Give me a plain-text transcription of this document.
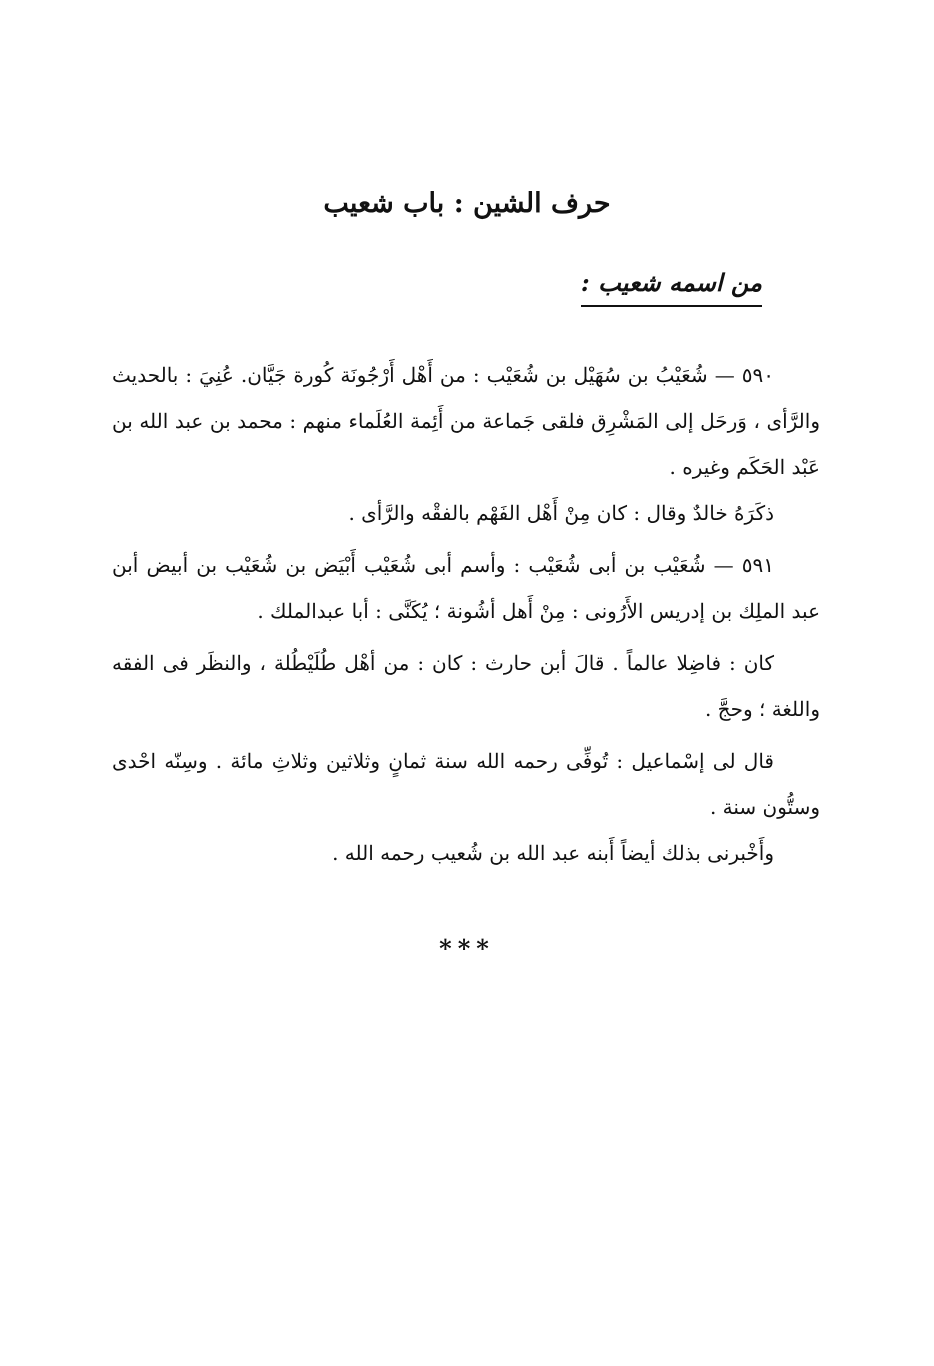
حرف الشين : باب شعيب
من اسمه شعيب :

٥٩٠ — شُعَيْبُ بن سُهَيْل بن شُعَيْب : من أَهْل أَرْجُونَة كُورة جَيَّان. عُنِيَ : بالحديث والرَّأى ، وَرحَل إلى المَشْرِق فلقى جَماعة من أَئِمة العُلَماء منهم : محمد بن عبد الله بن عَبْد الحَكَم وغيره .

ذكَرَهُ خالدٌ وقال : كان مِنْ أَهْل الفَهْم بالفقْه والرَّأى .

٥٩١ — شُعَيْب بن أبى شُعَيْب : وأسم أبى شُعَيْب أَبْيَض بن شُعَيْب بن أبيض أبن عبد الملِك بن إدريس الأَرُونى : مِنْ أَهل أشُونة ؛ يُكَنَّى : أبا عبدالملك .

كان : فاضِلا عالماً . قالَ أبن حارث : كان : من أهْل طُلَيْطُلة ، والنظَر فى الفقه واللغة ؛ وحجَّ .

قال لى إسْماعيل : تُوفِّى رحمه الله سنة ثمانٍ وثلاثين وثلاثِ مائة . وسِنّه احْدى وستُّون سنة .

وأَخْبرنى بذلك أيضاً أَبنه عبد الله بن شُعيب رحمه الله .

***
